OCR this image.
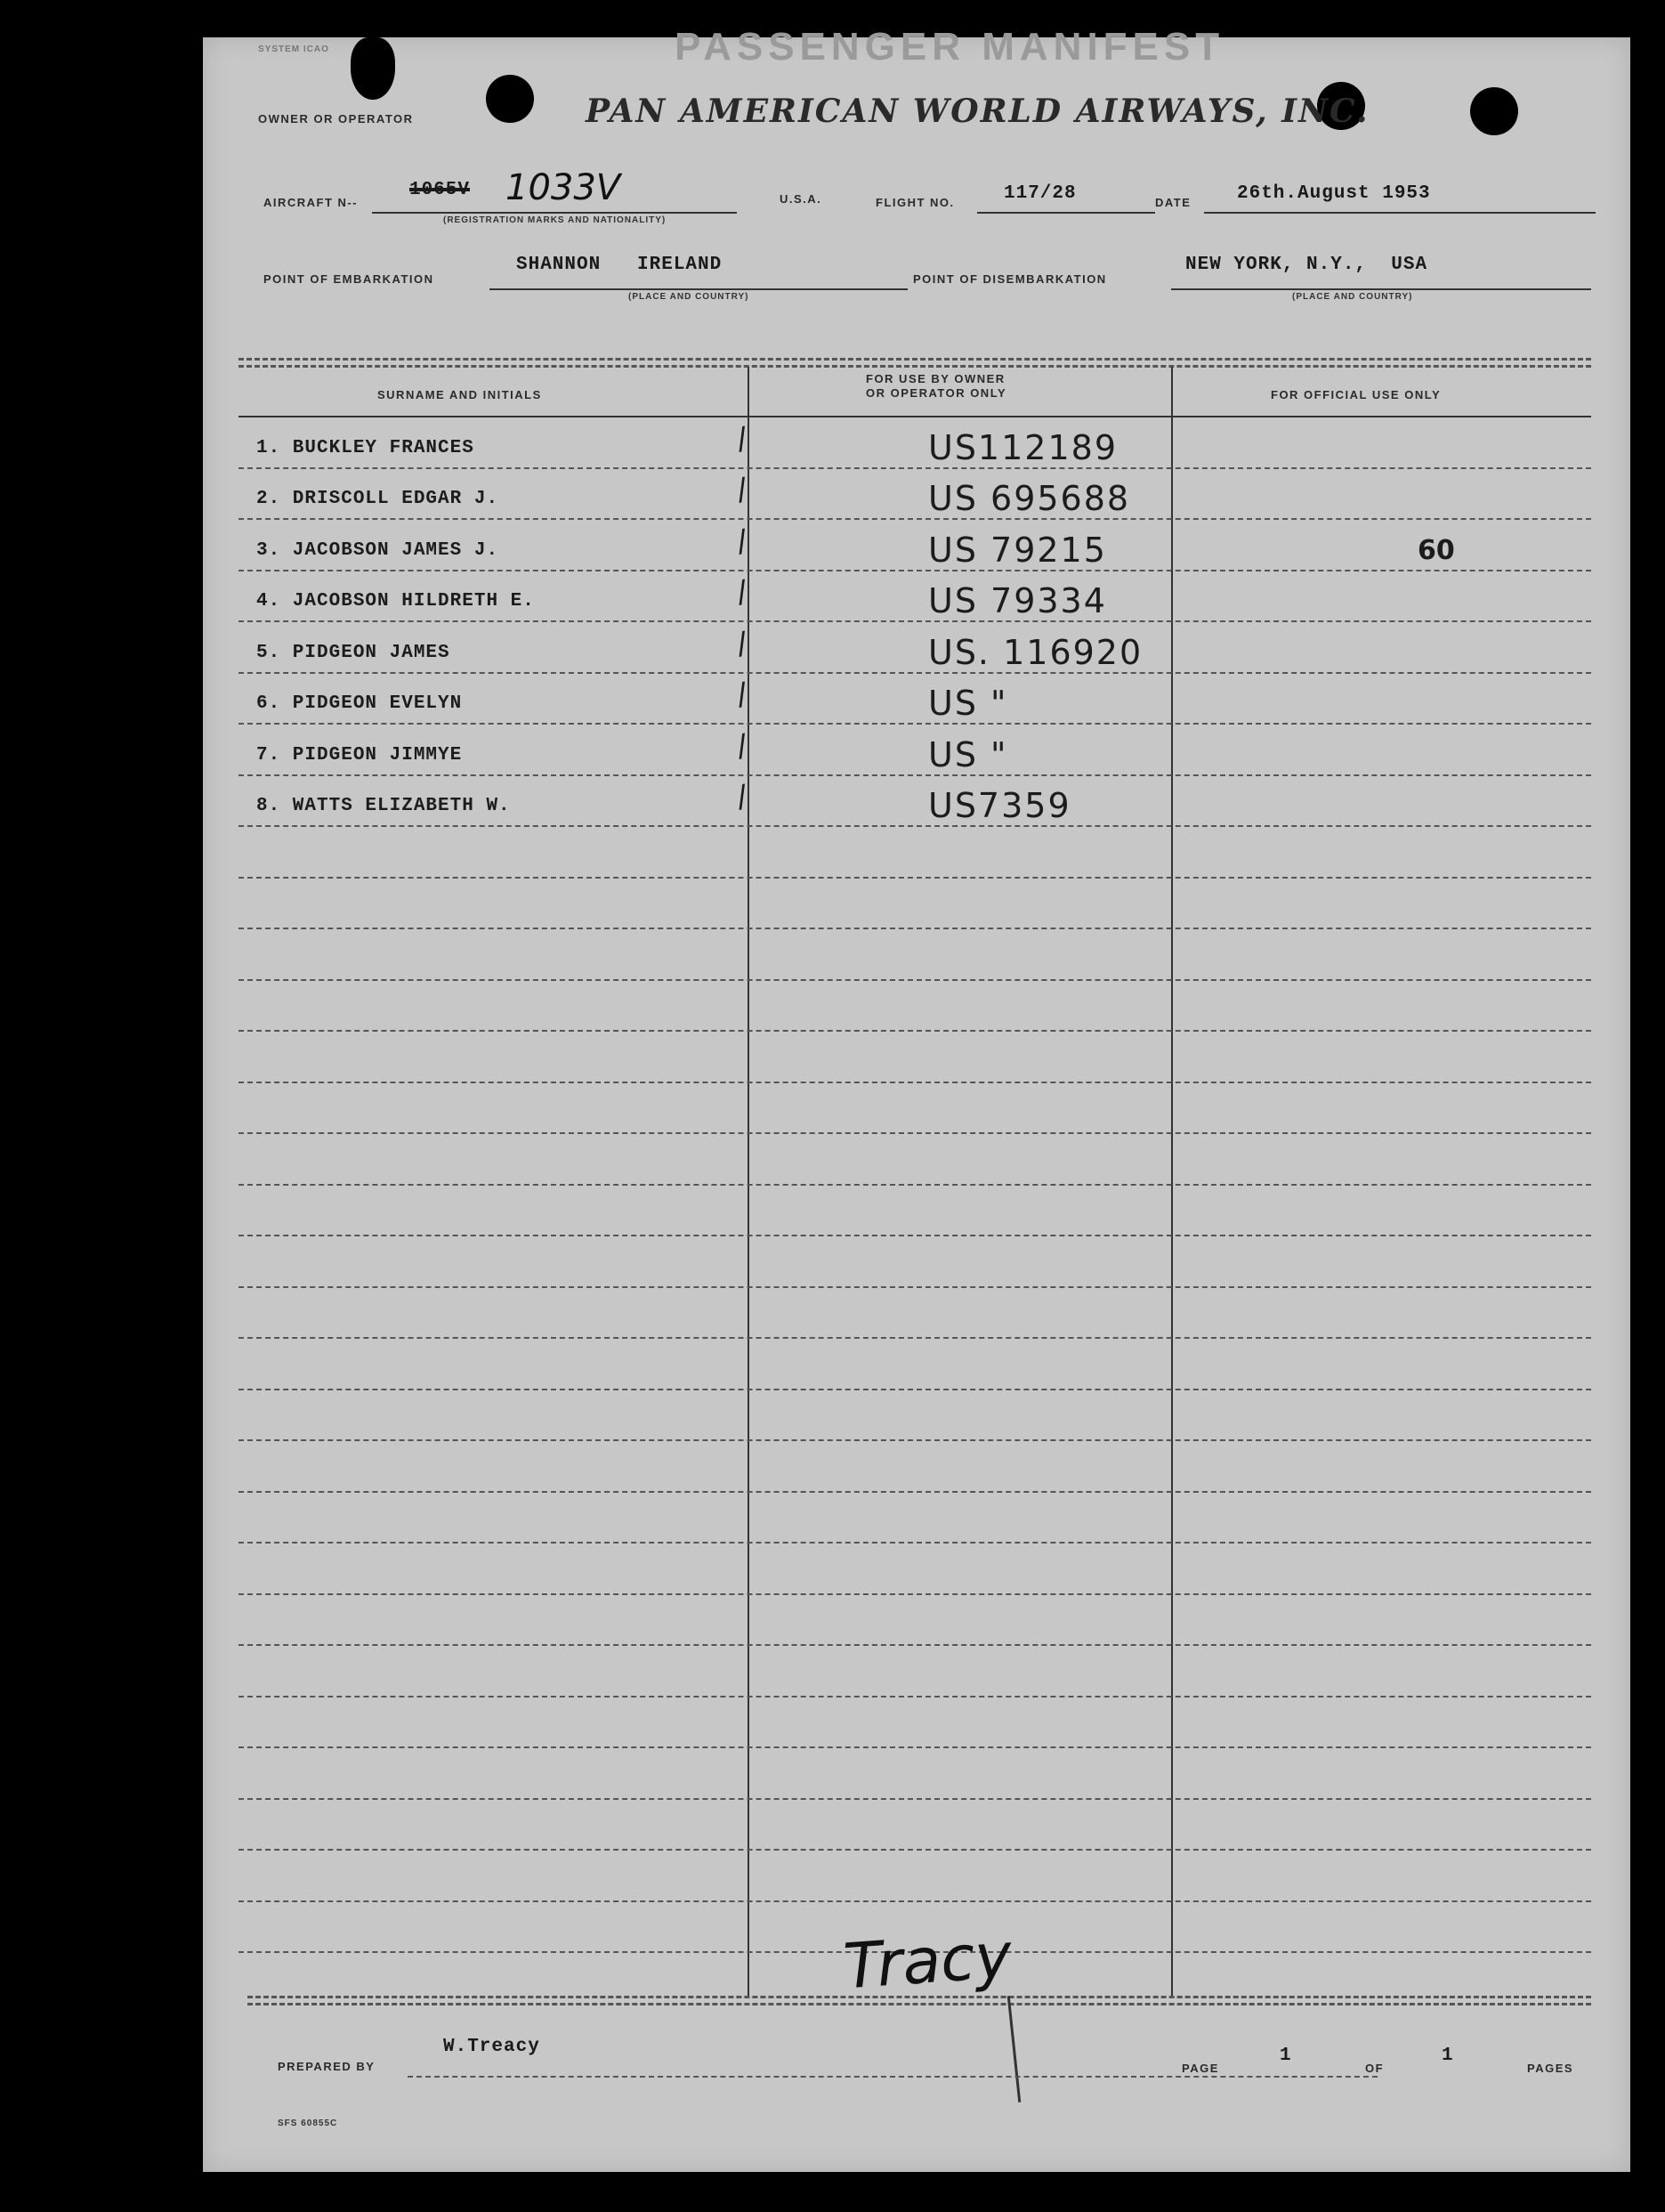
SYSTEM ICAO	PASSENGER MANIFEST
OWNER OR OPERATOR	PAN AMERICAN WORLD AIRWAYS, INC.
AIRCRAFT N--
1065V 1033V
(REGISTRATION MARKS AND NATIONALITY)
U.S.A.	FLIGHT NO.	117/28	DATE 26th.August 1953
POINT OF EMBARKATION
SHANNON   IRELAND
(PLACE AND COUNTRY)
POINT OF DISEMBARKATION
NEW YORK, N.Y.,  USA
(PLACE AND COUNTRY)
SURNAME AND INITIALS
FOR USE BY OWNER
OR OPERATOR ONLY	FOR OFFICIAL USE ONLY
1. BUCKLEY FRANCES	/	US112189
2. DRISCOLL EDGAR J.	/	US 695688
3. JACOBSON JAMES J.	/	US 79215	60
4. JACOBSON HILDRETH E.	/	US 79334
5. PIDGEON JAMES	/	US. 116920
6. PIDGEON EVELYN	/	US "
7. PIDGEON JIMMYE	/	US "
8. WATTS ELIZABETH W.	/	US7359
Tracy
PREPARED BY
W.Treacy
PAGE
1
OF
1
PAGES
SFS 60855C
